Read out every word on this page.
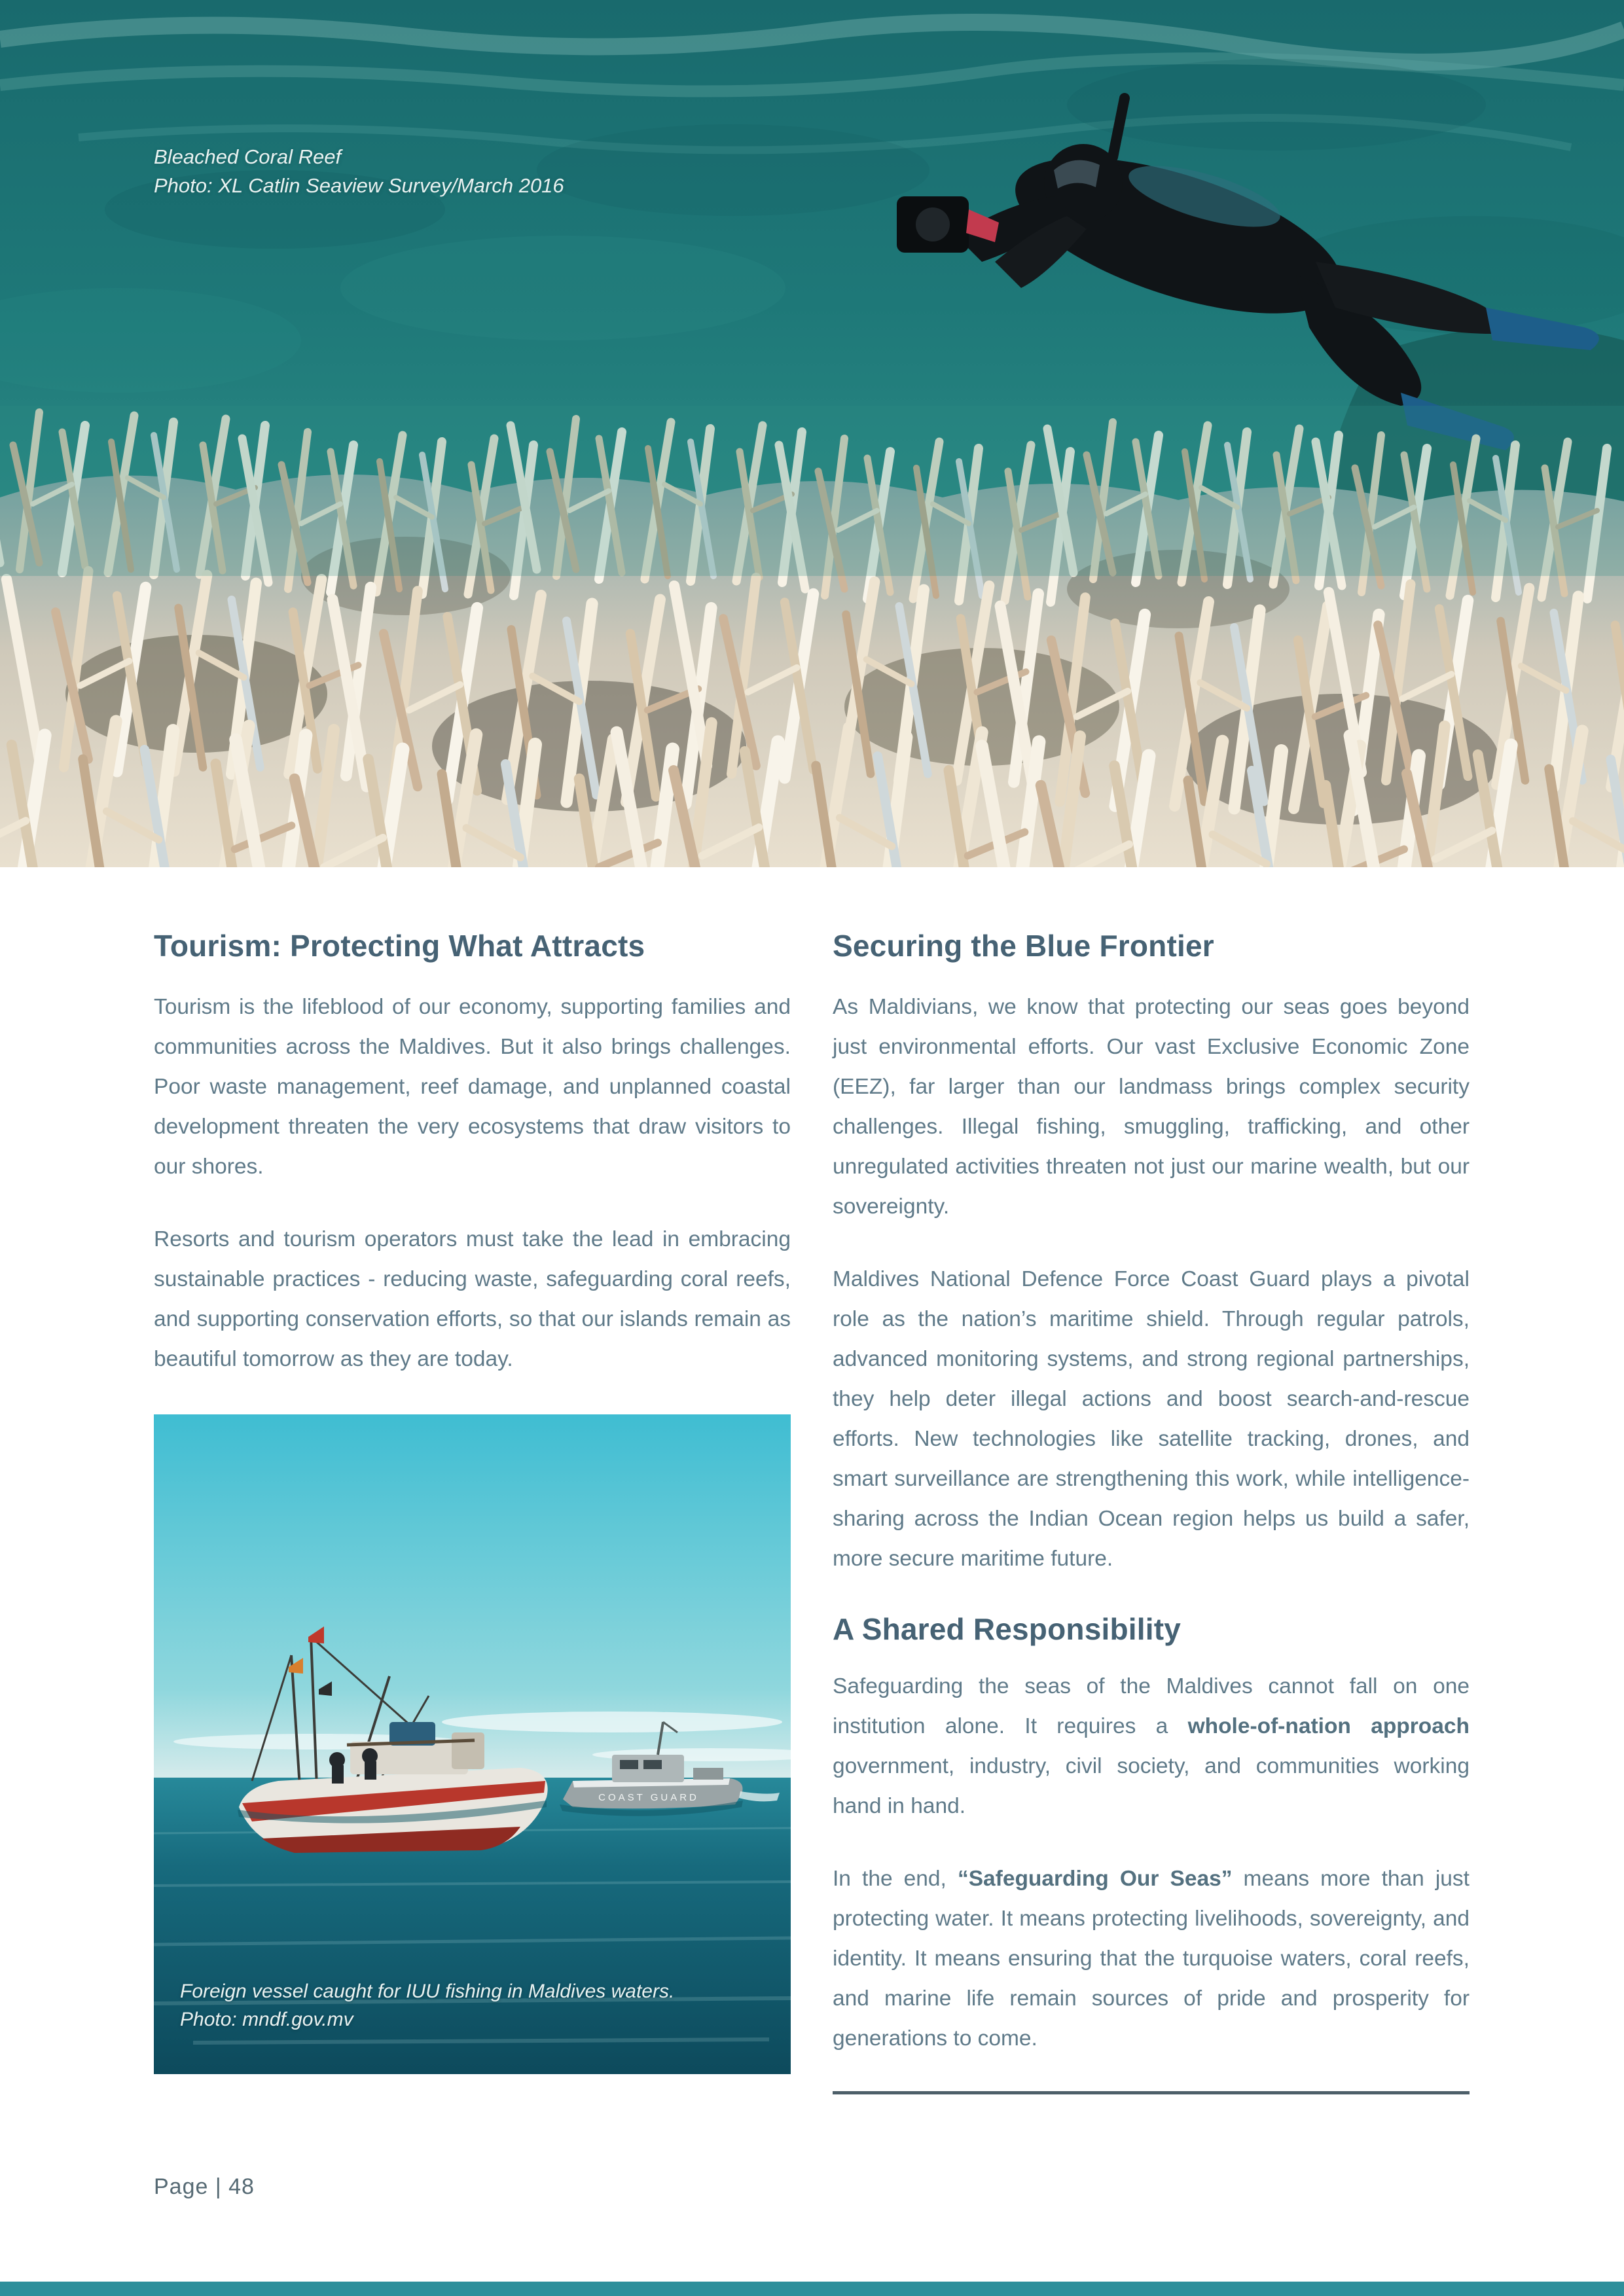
Bleached Coral Reef
Photo: XL Catlin Seaview Survey/March 2016
Tourism: Protecting What Attracts

Tourism is the lifeblood of our economy, supporting families and communities across the Maldives. But it also brings challenges. Poor waste management, reef damage, and unplanned coastal development threaten the very ecosystems that draw visitors to our shores.

Resorts and tourism operators must take the lead in embracing sustainable practices - reducing waste, safeguarding coral reefs, and supporting conservation efforts, so that our islands remain as beautiful tomorrow as they are today.

COAST GUARD
Foreign vessel caught for IUU fishing in Maldives waters.
Photo: mndf.gov.mv
Securing the Blue Frontier

As Maldivians, we know that protecting our seas goes beyond just environmental efforts. Our vast Exclusive Economic Zone (EEZ), far larger than our landmass brings complex security challenges. Illegal fishing, smuggling, trafficking, and other unregulated activities threaten not just our marine wealth, but our sovereignty.

Maldives National Defence Force Coast Guard plays a pivotal role as the nation’s maritime shield. Through regular patrols, advanced monitoring systems, and strong regional partnerships, they help deter illegal actions and boost search-and-rescue efforts. New technologies like satellite tracking, drones, and smart surveillance are strengthening this work, while intelligence-sharing across the Indian Ocean region helps us build a safer, more secure maritime future.

A Shared Responsibility

Safeguarding the seas of the Maldives cannot fall on one institution alone. It requires a whole-of-nation approach government, industry, civil society, and communities working hand in hand.

In the end, “Safeguarding Our Seas” means more than just protecting water. It means protecting livelihoods, sovereignty, and identity. It means ensuring that the turquoise waters, coral reefs, and marine life remain sources of pride and prosperity for generations to come.

Page | 48
